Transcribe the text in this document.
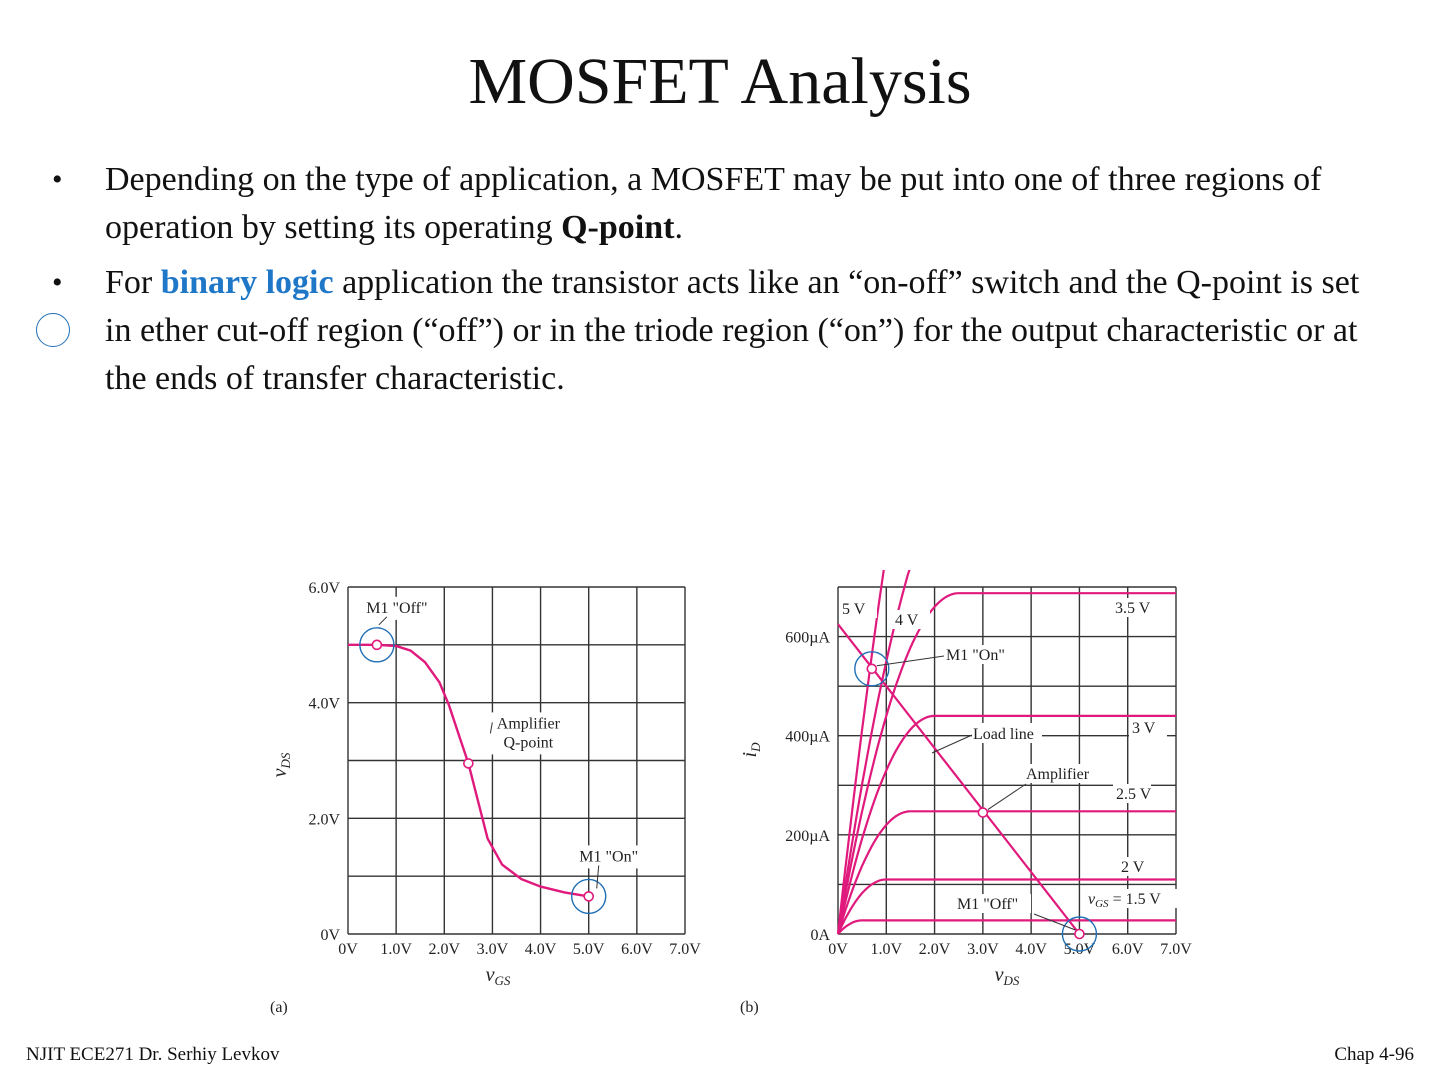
MOSFET Analysis
• Depending on the type of application, a MOSFET may be put into one of three regions of operation by setting its operating Q-point.
• For binary logic application the transistor acts like an “on-off” switch and the Q-point is set in ether cut-off region (“off”) or in the triode region (“on”) for the output characteristic or at the ends of transfer characteristic.
0V 1.0V 2.0V 3.0V 4.0V 5.0V 6.0V 7.0V
0V
2.0V
4.0V
6.0V
M1 "Off"
Amplifier
Q-point
M1 "On"
$v_{DS}$
$v_{GS}$
(a)
0V 1.0V 2.0V 3.0V 4.0V 5.0V 6.0V 7.0V
0A
200µA
400µA
600µA
vGS = 1.5 V
2 V
2.5 V
3 V
3.5 V
4 V
5 V
Load line
M1 "On"
Amplifier
M1 "Off"
$i_D$
$v_{DS}$
(b)
NJIT ECE271 Dr. Serhiy Levkov	Chap 4-96
